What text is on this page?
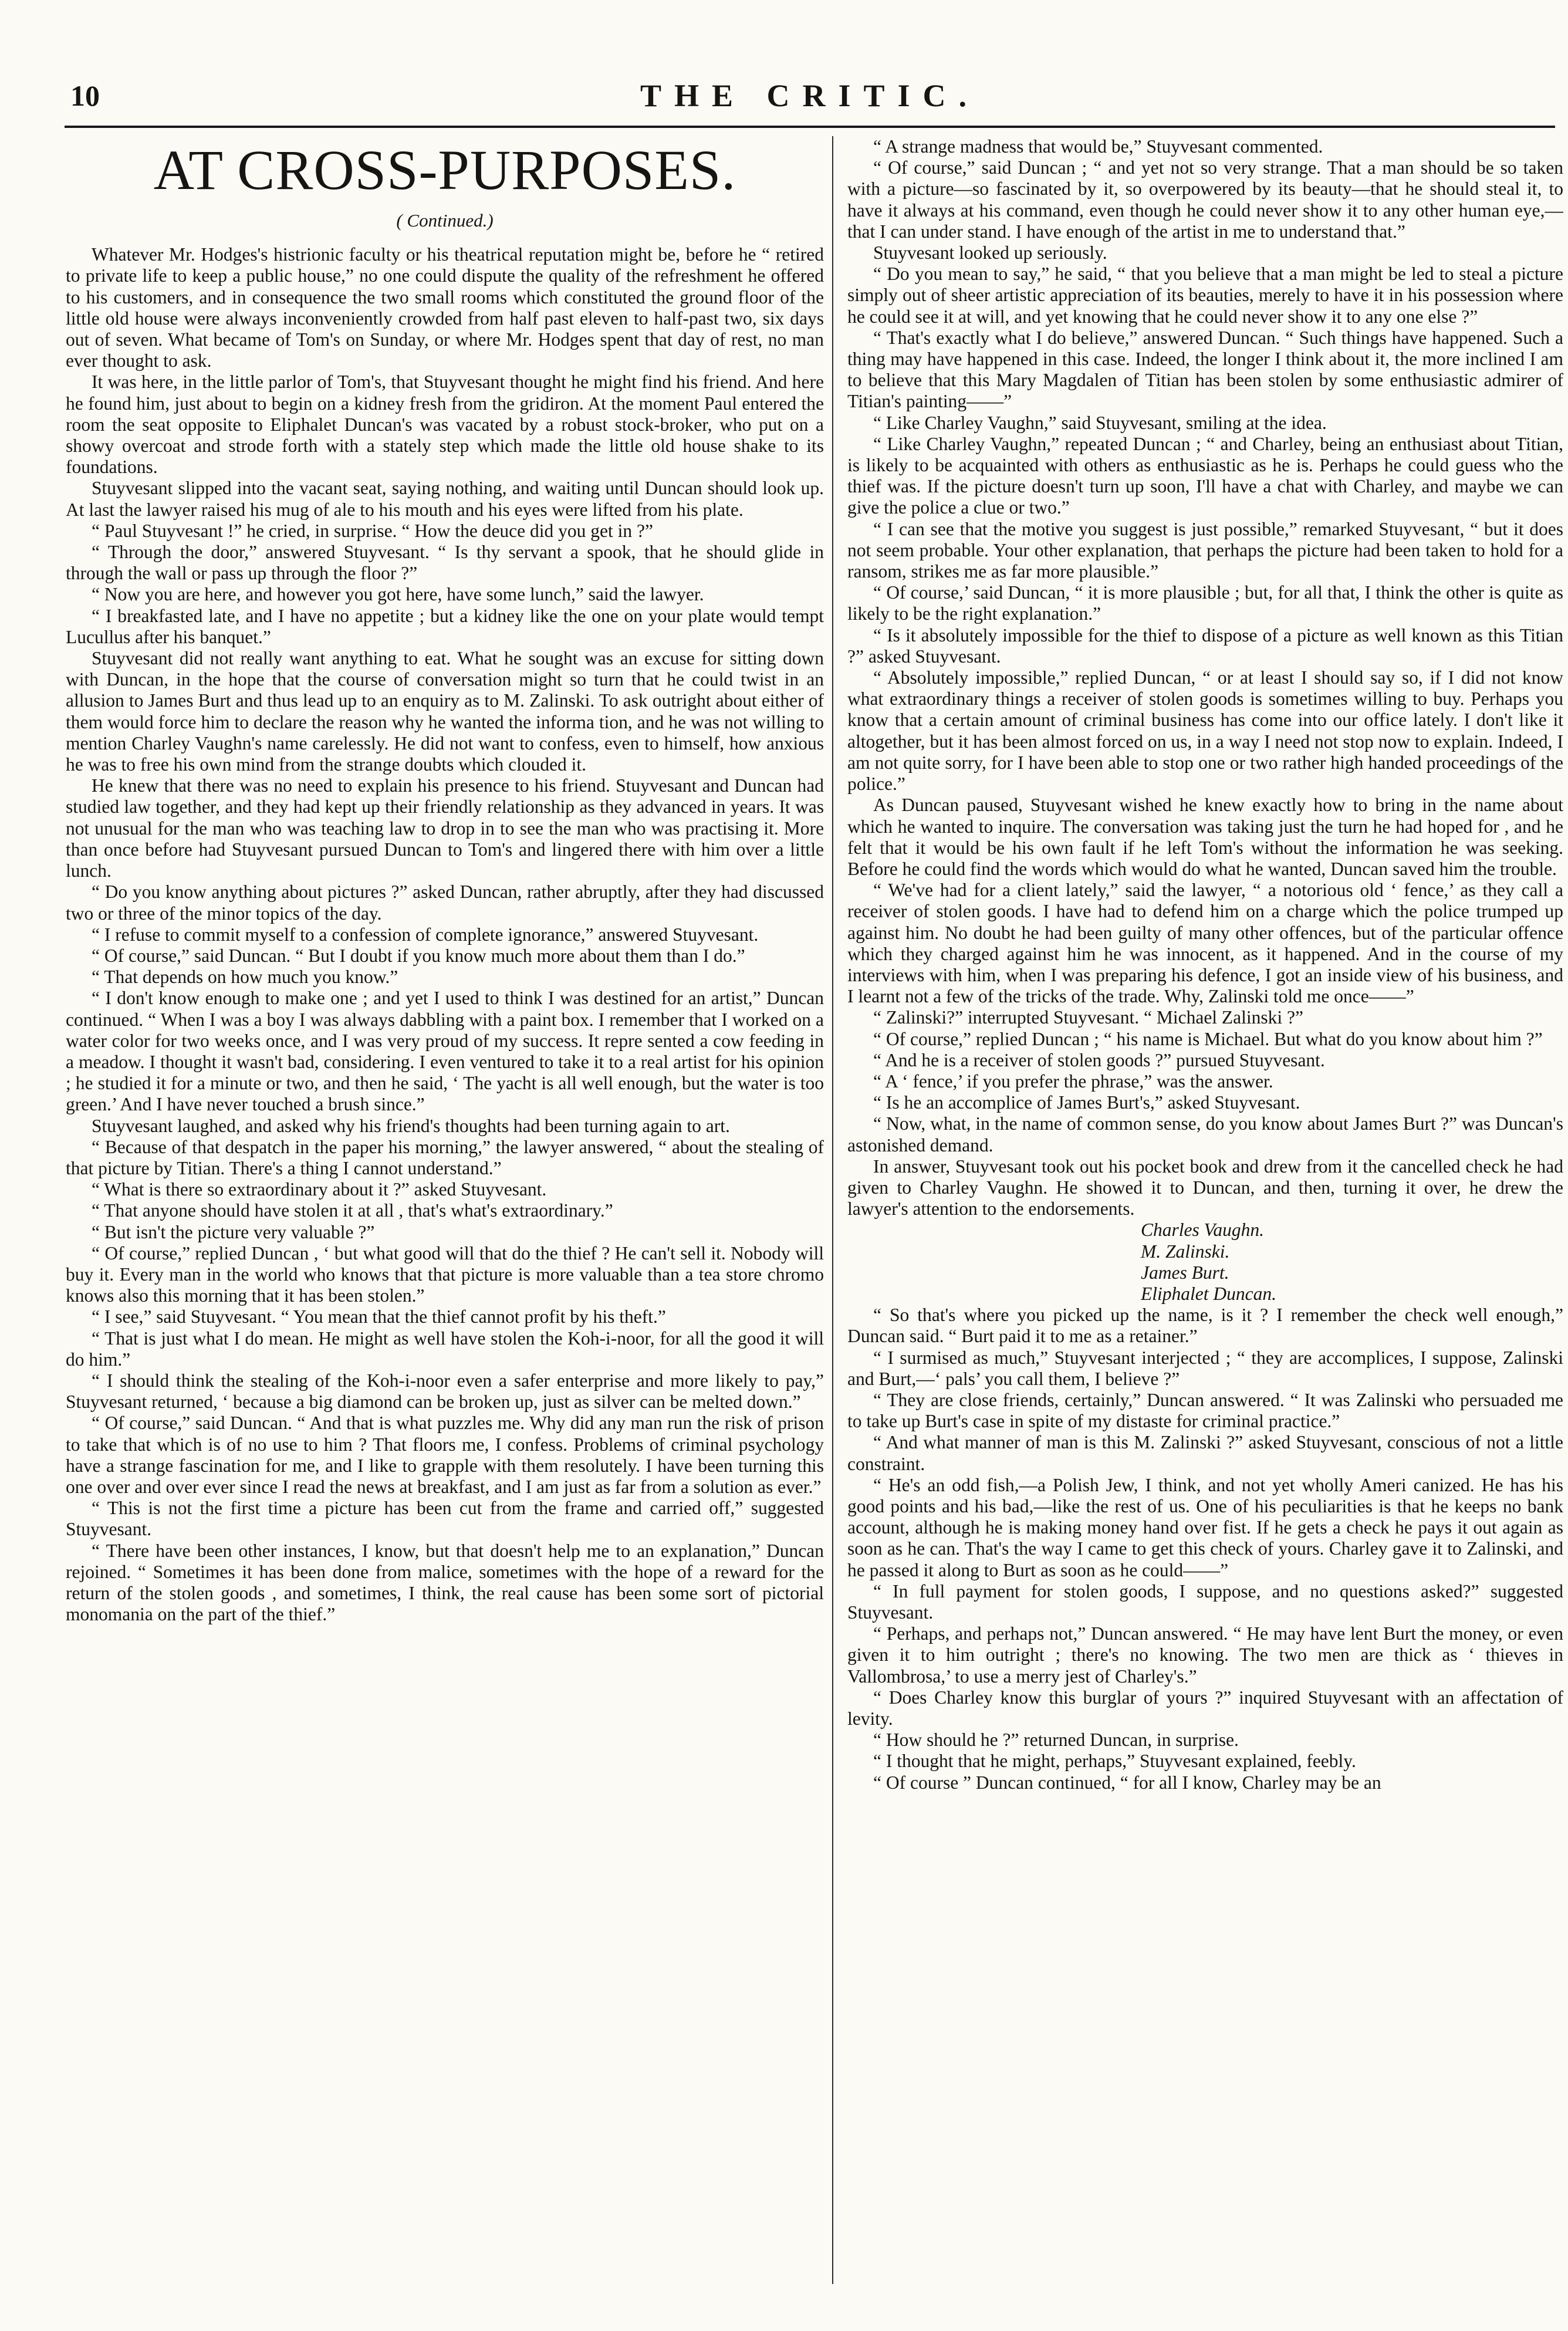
10	THE CRITIC.
AT CROSS-PURPOSES.
( Continued.)

Whatever Mr. Hodges's histrionic faculty or his theatrical reputation might be, before he “ retired to private life to keep a public house,” no one could dispute the quality of the refreshment he offered to his customers, and in consequence the two small rooms which constituted the ground floor of the little old house were always inconveniently crowded from half past eleven to half-past two, six days out of seven. What became of Tom's on Sunday, or where Mr. Hodges spent that day of rest, no man ever thought to ask.

It was here, in the little parlor of Tom's, that Stuyvesant thought he might find his friend. And here he found him, just about to begin on a kidney fresh from the gridiron. At the moment Paul entered the room the seat opposite to Eliphalet Duncan's was vacated by a robust stock-broker, who put on a showy overcoat and strode forth with a stately step which made the little old house shake to its foundations.

Stuyvesant slipped into the vacant seat, saying nothing, and waiting until Duncan should look up. At last the lawyer raised his mug of ale to his mouth and his eyes were lifted from his plate.

“ Paul Stuyvesant !” he cried, in surprise. “ How the deuce did you get in ?”

“ Through the door,” answered Stuyvesant. “ Is thy servant a spook, that he should glide in through the wall or pass up through the floor ?”

“ Now you are here, and however you got here, have some lunch,” said the lawyer.

“ I breakfasted late, and I have no appetite ; but a kidney like the one on your plate would tempt Lucullus after his banquet.”

Stuyvesant did not really want anything to eat. What he sought was an excuse for sitting down with Duncan, in the hope that the course of conversation might so turn that he could twist in an allusion to James Burt and thus lead up to an enquiry as to M. Zalinski. To ask outright about either of them would force him to declare the reason why he wanted the informa tion, and he was not willing to mention Charley Vaughn's name carelessly. He did not want to confess, even to himself, how anxious he was to free his own mind from the strange doubts which clouded it.

He knew that there was no need to explain his presence to his friend. Stuyvesant and Duncan had studied law together, and they had kept up their friendly relationship as they advanced in years. It was not unusual for the man who was teaching law to drop in to see the man who was practising it. More than once before had Stuyvesant pursued Duncan to Tom's and lingered there with him over a little lunch.

“ Do you know anything about pictures ?” asked Duncan, rather abruptly, after they had discussed two or three of the minor topics of the day.

“ I refuse to commit myself to a confession of complete ignorance,” answered Stuyvesant.

“ Of course,” said Duncan. “ But I doubt if you know much more about them than I do.”

“ That depends on how much you know.”

“ I don't know enough to make one ; and yet I used to think I was destined for an artist,” Duncan continued. “ When I was a boy I was always dabbling with a paint box. I remember that I worked on a water color for two weeks once, and I was very proud of my success. It repre sented a cow feeding in a meadow. I thought it wasn't bad, considering. I even ventured to take it to a real artist for his opinion ; he studied it for a minute or two, and then he said, ‘ The yacht is all well enough, but the water is too green.’ And I have never touched a brush since.”

Stuyvesant laughed, and asked why his friend's thoughts had been turning again to art.

“ Because of that despatch in the paper his morning,” the lawyer answered, “ about the stealing of that picture by Titian. There's a thing I cannot understand.”

“ What is there so extraordinary about it ?” asked Stuyvesant.

“ That anyone should have stolen it at all , that's what's extraordinary.”

“ But isn't the picture very valuable ?”

“ Of course,” replied Duncan , ‘ but what good will that do the thief ? He can't sell it. Nobody will buy it. Every man in the world who knows that that picture is more valuable than a tea store chromo knows also this morning that it has been stolen.”

“ I see,” said Stuyvesant. “ You mean that the thief cannot profit by his theft.”

“ That is just what I do mean. He might as well have stolen the Koh-i-noor, for all the good it will do him.”

“ I should think the stealing of the Koh-i-noor even a safer enterprise and more likely to pay,” Stuyvesant returned, ‘ because a big diamond can be broken up, just as silver can be melted down.”

“ Of course,” said Duncan. “ And that is what puzzles me. Why did any man run the risk of prison to take that which is of no use to him ? That floors me, I confess. Problems of criminal psychology have a strange fascination for me, and I like to grapple with them resolutely. I have been turning this one over and over ever since I read the news at breakfast, and I am just as far from a solution as ever.”

“ This is not the first time a picture has been cut from the frame and carried off,” suggested Stuyvesant.

“ There have been other instances, I know, but that doesn't help me to an explanation,” Duncan rejoined. “ Sometimes it has been done from malice, sometimes with the hope of a reward for the return of the stolen goods , and sometimes, I think, the real cause has been some sort of pictorial monomania on the part of the thief.”

“ A strange madness that would be,” Stuyvesant commented.

“ Of course,” said Duncan ; “ and yet not so very strange. That a man should be so taken with a picture—so fascinated by it, so overpowered by its beauty—that he should steal it, to have it always at his command, even though he could never show it to any other human eye,—that I can under stand. I have enough of the artist in me to understand that.”

Stuyvesant looked up seriously.

“ Do you mean to say,” he said, “ that you believe that a man might be led to steal a picture simply out of sheer artistic appreciation of its beauties, merely to have it in his possession where he could see it at will, and yet knowing that he could never show it to any one else ?”

“ That's exactly what I do believe,” answered Duncan. “ Such things have happened. Such a thing may have happened in this case. Indeed, the longer I think about it, the more inclined I am to believe that this Mary Magdalen of Titian has been stolen by some enthusiastic admirer of Titian's painting——”

“ Like Charley Vaughn,” said Stuyvesant, smiling at the idea.

“ Like Charley Vaughn,” repeated Duncan ; “ and Charley, being an enthusiast about Titian, is likely to be acquainted with others as enthusiastic as he is. Perhaps he could guess who the thief was. If the picture doesn't turn up soon, I'll have a chat with Charley, and maybe we can give the police a clue or two.”

“ I can see that the motive you suggest is just possible,” remarked Stuyvesant, “ but it does not seem probable. Your other explanation, that perhaps the picture had been taken to hold for a ransom, strikes me as far more plausible.”

“ Of course,’ said Duncan, “ it is more plausible ; but, for all that, I think the other is quite as likely to be the right explanation.”

“ Is it absolutely impossible for the thief to dispose of a picture as well known as this Titian ?” asked Stuyvesant.

“ Absolutely impossible,” replied Duncan, “ or at least I should say so, if I did not know what extraordinary things a receiver of stolen goods is sometimes willing to buy. Perhaps you know that a certain amount of criminal business has come into our office lately. I don't like it altogether, but it has been almost forced on us, in a way I need not stop now to explain. Indeed, I am not quite sorry, for I have been able to stop one or two rather high handed proceedings of the police.”

As Duncan paused, Stuyvesant wished he knew exactly how to bring in the name about which he wanted to inquire. The conversation was taking just the turn he had hoped for , and he felt that it would be his own fault if he left Tom's without the information he was seeking. Before he could find the words which would do what he wanted, Duncan saved him the trouble.

“ We've had for a client lately,” said the lawyer, “ a notorious old ‘ fence,’ as they call a receiver of stolen goods. I have had to defend him on a charge which the police trumped up against him. No doubt he had been guilty of many other offences, but of the particular offence which they charged against him he was innocent, as it happened. And in the course of my interviews with him, when I was preparing his defence, I got an inside view of his business, and I learnt not a few of the tricks of the trade. Why, Zalinski told me once——”

“ Zalinski?” interrupted Stuyvesant. “ Michael Zalinski ?”

“ Of course,” replied Duncan ; “ his name is Michael. But what do you know about him ?”

“ And he is a receiver of stolen goods ?” pursued Stuyvesant.

“ A ‘ fence,’ if you prefer the phrase,” was the answer.

“ Is he an accomplice of James Burt's,” asked Stuyvesant.

“ Now, what, in the name of common sense, do you know about James Burt ?” was Duncan's astonished demand.

In answer, Stuyvesant took out his pocket book and drew from it the cancelled check he had given to Charley Vaughn. He showed it to Duncan, and then, turning it over, he drew the lawyer's attention to the endorsements.

Charles Vaughn.

M. Zalinski.

James Burt.

Eliphalet Duncan.

“ So that's where you picked up the name, is it ? I remember the check well enough,” Duncan said. “ Burt paid it to me as a retainer.”

“ I surmised as much,” Stuyvesant interjected ; “ they are accomplices, I suppose, Zalinski and Burt,—‘ pals’ you call them, I believe ?”

“ They are close friends, certainly,” Duncan answered. “ It was Zalinski who persuaded me to take up Burt's case in spite of my distaste for criminal practice.”

“ And what manner of man is this M. Zalinski ?” asked Stuyvesant, conscious of not a little constraint.

“ He's an odd fish,—a Polish Jew, I think, and not yet wholly Ameri canized. He has his good points and his bad,—like the rest of us. One of his peculiarities is that he keeps no bank account, although he is making money hand over fist. If he gets a check he pays it out again as soon as he can. That's the way I came to get this check of yours. Charley gave it to Zalinski, and he passed it along to Burt as soon as he could——”

“ In full payment for stolen goods, I suppose, and no questions asked?” suggested Stuyvesant.

“ Perhaps, and perhaps not,” Duncan answered. “ He may have lent Burt the money, or even given it to him outright ; there's no knowing. The two men are thick as ‘ thieves in Vallombrosa,’ to use a merry jest of Charley's.”

“ Does Charley know this burglar of yours ?” inquired Stuyvesant with an affectation of levity.

“ How should he ?” returned Duncan, in surprise.

“ I thought that he might, perhaps,” Stuyvesant explained, feebly.

“ Of course ” Duncan continued, “ for all I know, Charley may be an
